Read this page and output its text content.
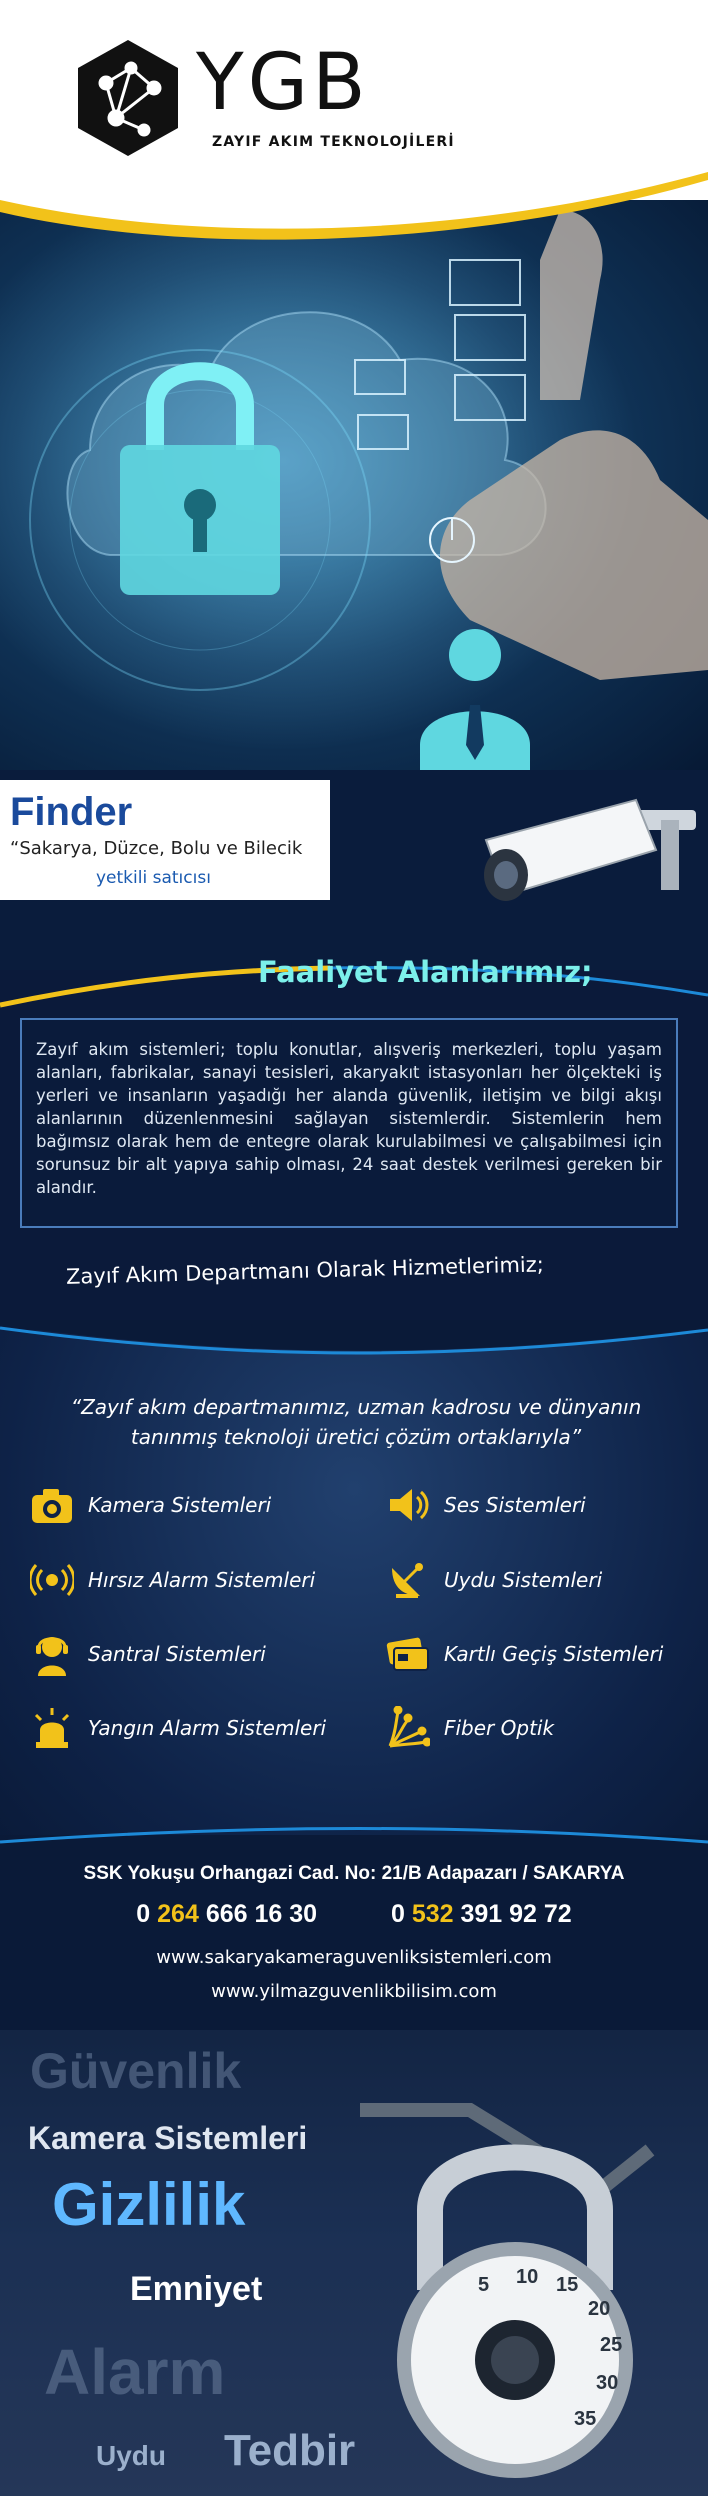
YGB
ZAYIF AKIM TEKNOLOJİLERİ
Finder
“Sakarya, Düzce, Bolu ve Bilecik
yetkili satıcısı
Faaliyet Alanlarımız;
Zayıf akım sistemleri; toplu konutlar, alışveriş merkezleri, toplu yaşam alanları, fabrikalar, sanayi tesisleri, akaryakıt istasyonları her ölçekteki iş yerleri ve insanların yaşadığı her alanda güvenlik, iletişim ve bilgi akışı alanlarının düzenlenmesini sağlayan sistemlerdir. Sistemlerin hem bağımsız olarak hem de entegre olarak kurulabilmesi ve çalışabilmesi için sorunsuz bir alt yapıya sahip olması, 24 saat destek verilmesi gereken bir alandır.
Zayıf Akım Departmanı Olarak Hizmetlerimiz;
“Zayıf akım departmanımız, uzman kadrosu ve dünyanın tanınmış teknoloji üretici çözüm ortaklarıyla”
Kamera Sistemleri	Ses Sistemleri
Hırsız Alarm Sistemleri	Uydu Sistemleri
Santral Sistemleri	Kartlı Geçiş Sistemleri
Yangın Alarm Sistemleri	Fiber Optik
SSK Yokuşu Orhangazi Cad. No: 21/B Adapazarı / SAKARYA
0 264 666 16 30	0 532 391 92 72
www.sakaryakameraguvenliksistemleri.com
www.yilmazguvenlikbilisim.com
Güvenlik
Kamera Sistemleri
Gizlilik
Emniyet
Alarm
Uydu Tedbir
5 10 15
20
25
30
35
